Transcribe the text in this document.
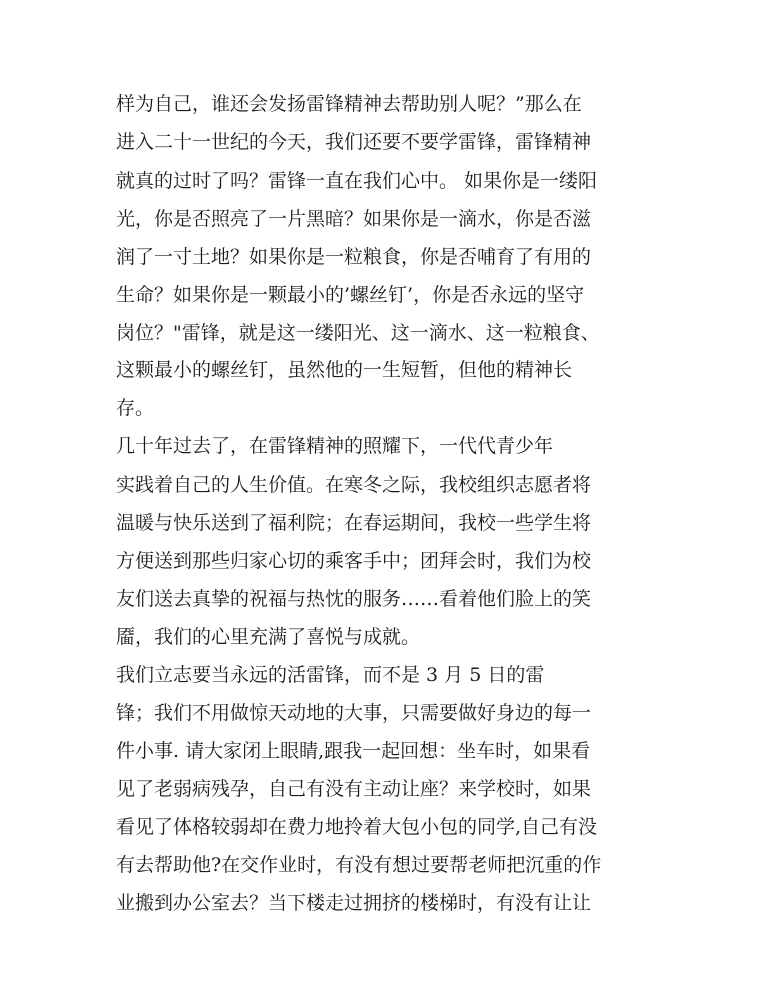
样为自己，谁还会发扬雷锋精神去帮助别人呢？”那么在
进入二十一世纪的今天，我们还要不要学雷锋，雷锋精神
就真的过时了吗？雷锋一直在我们心中。 如果你是一缕阳
光，你是否照亮了一片黑暗？如果你是一滴水，你是否滋
润了一寸土地？如果你是一粒粮食，你是否哺育了有用的
生命？如果你是一颗最小的’螺丝钉’，你是否永远的坚守
岗位？"雷锋，就是这一缕阳光、这一滴水、这一粒粮食、
这颗最小的螺丝钉，虽然他的一生短暂，但他的精神长
存。
几十年过去了，在雷锋精神的照耀下，一代代青少年
实践着自己的人生价值。在寒冬之际，我校组织志愿者将
温暖与快乐送到了福利院；在春运期间，我校一些学生将
方便送到那些归家心切的乘客手中；团拜会时，我们为校
友们送去真挚的祝福与热忱的服务……看着他们脸上的笑
靥，我们的心里充满了喜悦与成就。
我们立志要当永远的活雷锋，而不是 3 月 5 日的雷
锋；我们不用做惊天动地的大事，只需要做好身边的每一
件小事. 请大家闭上眼睛,跟我一起回想：坐车时，如果看
见了老弱病残孕，自己有没有主动让座？来学校时，如果
看见了体格较弱却在费力地拎着大包小包的同学,自己有没
有去帮助他?在交作业时，有没有想过要帮老师把沉重的作
业搬到办公室去？当下楼走过拥挤的楼梯时，有没有让让
